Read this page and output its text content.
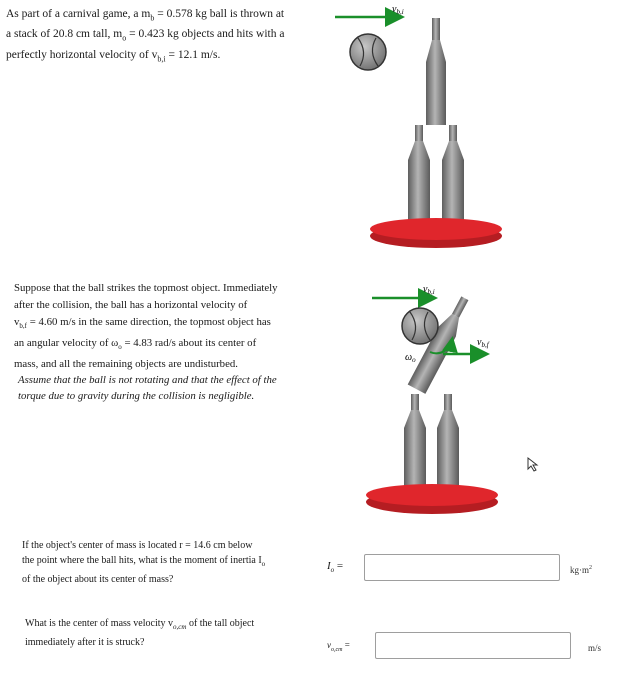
As part of a carnival game, a $m_b = 0.578$ kg ball is thrown at
a stack of 20.8 cm tall, $m_o = 0.423$ kg objects and hits with a
perfectly horizontal velocity of $v_{b,i} = 12.1$ m/s.
Suppose that the ball strikes the topmost object. Immediately
after the collision, the ball has a horizontal velocity of
$v_{b,f} = 4.60$ m/s in the same direction, the topmost object has
an angular velocity of $\omega_o = 4.83$ rad/s about its center of
mass, and all the remaining objects are undisturbed.
Assume that the ball is not rotating and that the effect of the
torque due to gravity during the collision is negligible.
If the object's center of mass is located r = 14.6 cm below
the point where the ball hits, what is the moment of inertia $I_o$
of the object about its center of mass?
$I_o$ =	$kg\cdot m^2$
What is the center of mass velocity $v_{o,cm}$ of the tall object
immediately after it is struck?	$v_{o,cm}$ =	m/s
$v_{b,i}$
$v_{b,i}$
$\omega_o$
$v_{b,f}$
